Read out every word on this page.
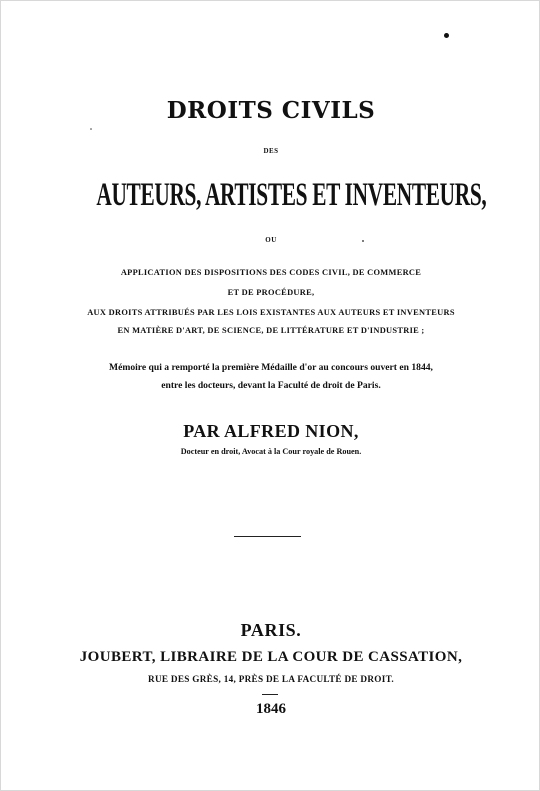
DROITS CIVILS
DES
AUTEURS, ARTISTES ET INVENTEURS,
OU
APPLICATION DES DISPOSITIONS DES CODES CIVIL, DE COMMERCE
ET DE PROCÉDURE,
AUX DROITS ATTRIBUÉS PAR LES LOIS EXISTANTES AUX AUTEURS ET INVENTEURS
EN MATIÈRE D'ART, DE SCIENCE, DE LITTÉRATURE ET D'INDUSTRIE ;
Mémoire qui a remporté la première Médaille d'or au concours ouvert en 1844,
entre les docteurs, devant la Faculté de droit de Paris.
PAR ALFRED NION,
Docteur en droit, Avocat à la Cour royale de Rouen.
PARIS.
JOUBERT, LIBRAIRE DE LA COUR DE CASSATION,
RUE DES GRÈS, 14, PRÈS DE LA FACULTÉ DE DROIT.
1846
